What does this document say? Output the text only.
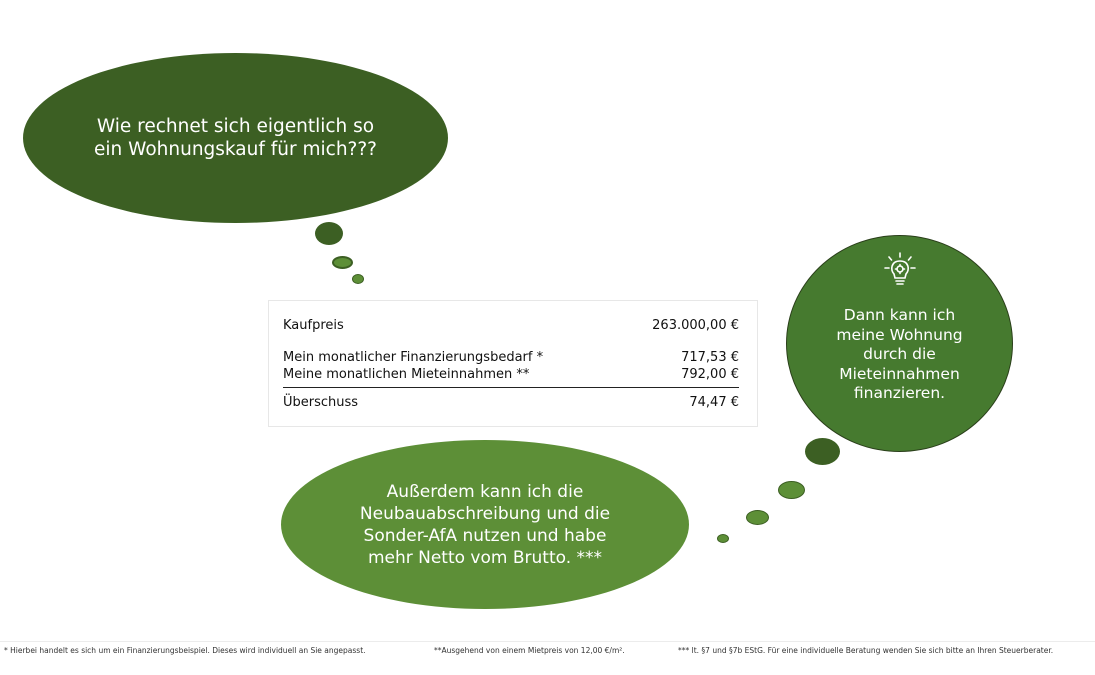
Wie rechnet sich eigentlich so
ein Wohnungskauf für mich???
Dann kann ich
meine Wohnung
durch die
Mieteinnahmen
finanzieren.
Außerdem kann ich die
Neubauabschreibung und die
Sonder-AfA nutzen und habe
mehr Netto vom Brutto. ***
Kaufpreis	263.000,00 €
Mein monatlicher Finanzierungsbedarf *	717,53 €
Meine monatlichen Mieteinnahmen **	792,00 €
Überschuss	74,47 €
* Hierbei handelt es sich um ein Finanzierungsbeispiel. Dieses wird individuell an Sie angepasst.	**Ausgehend von einem Mietpreis von 12,00 €/m².	*** lt. §7 und §7b EStG. Für eine individuelle Beratung wenden Sie sich bitte an Ihren Steuerberater.
